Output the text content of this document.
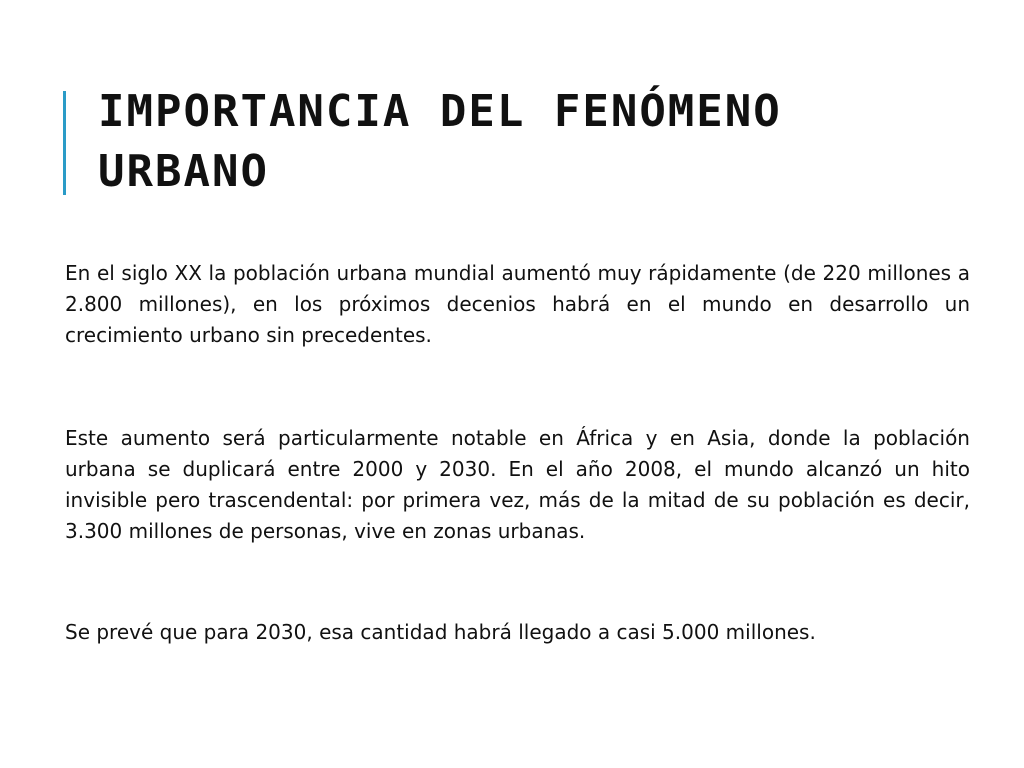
IMPORTANCIA DEL FENÓMENO URBANO

En el siglo XX la población urbana mundial aumentó muy rápidamente (de 220 millones a 2.800 millones), en los próximos decenios habrá en el mundo en desarrollo un crecimiento urbano sin precedentes.

Este aumento será particularmente notable en África y en Asia, donde la población urbana se duplicará entre 2000 y 2030. En el año 2008, el mundo alcanzó un hito invisible pero trascendental: por primera vez, más de la mitad de su población es decir, 3.300 millones de personas, vive en zonas urbanas.

Se prevé que para 2030, esa cantidad habrá llegado a casi 5.000 millones.
